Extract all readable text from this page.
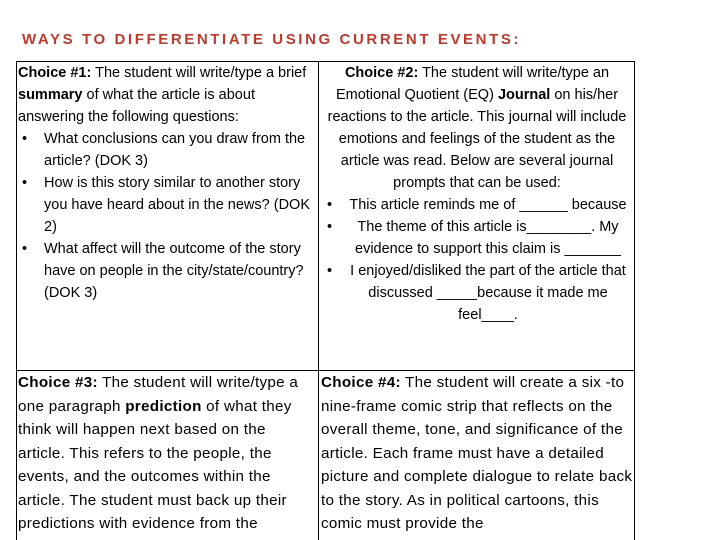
WAYS TO DIFFERENTIATE USING CURRENT EVENTS:

Choice #1: The student will write/type a brief summary of what the article is about answering the following questions:

• What conclusions can you draw from the article? (DOK 3)
• How is this story similar to another story you have heard about in the news? (DOK 2)
• What affect will the outcome of the story have on people in the city/state/country? (DOK 3)

Choice #2: The student will write/type an Emotional Quotient (EQ) Journal on his/her reactions to the article. This journal will include emotions and feelings of the student as the article was read. Below are several journal prompts that can be used:

• This article reminds me of ______ because
• The theme of this article is________. My evidence to support this claim is _______
• I enjoyed/disliked the part of the article that discussed _____because it made me feel____.

Choice #3: The student will write/type a one paragraph prediction of what they think will happen next based on the article. This refers to the people, the events, and the outcomes within the article. The student must back up their predictions with evidence from the

Choice #4: The student will create a six -to nine-frame comic strip that reflects on the overall theme, tone, and significance of the article. Each frame must have a detailed picture and complete dialogue to relate back to the story. As in political cartoons, this comic must provide the
